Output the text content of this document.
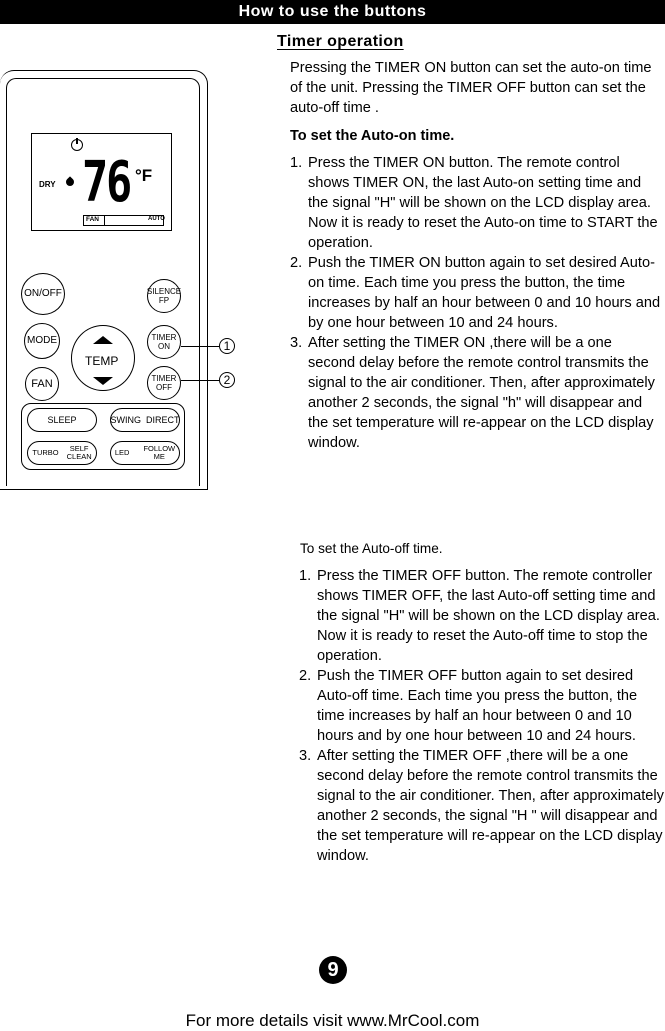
How to use the buttons
Timer operation
Pressing the TIMER ON button can set the auto-on time of the unit. Pressing the TIMER OFF button can set the auto-off time .
To set the Auto-on time.
1. Press the TIMER ON button. The remote control shows TIMER ON, the last Auto-on setting time and the signal "H" will be shown on the LCD display area. Now it is ready to reset the Auto-on time to START the operation.
2. Push the TIMER ON button again to set desired Auto-on time. Each time you press the button, the time increases by half an hour between 0 and 10 hours and by one hour between 10 and 24 hours.
3. After setting the TIMER ON ,there will be a one second delay before the remote control transmits the signal to the air conditioner. Then, after approximately another 2 seconds, the signal "h" will disappear and the set temperature will re-appear on the LCD display window.
To set the Auto-off time.
1. Press the TIMER OFF button. The remote controller shows TIMER OFF, the last Auto-off setting time and the signal "H" will be shown on the LCD display area. Now it is ready to reset the Auto-off time to stop the operation.
2. Push the TIMER OFF button again to set desired Auto-off time. Each time you press the button, the time increases by half an hour between 0 and 10 hours and by one hour between 10 and 24 hours.
3. After setting the TIMER OFF ,there will be a one second delay before the remote control transmits the signal to the air conditioner. Then, after approximately another 2 seconds, the signal "H " will disappear and the set temperature will re-appear on the LCD display window.
DRY 76 °F
FAN	AUTO
ON/OFF	SILENCE
FP
MODE	TIMER
ON
FAN	TIMER
OFF
TEMP
SLEEP	SWING DIRECT
TURBO	SELF
CLEAN	LED FOLLOW
ME
1
2
9
For more details visit www.MrCool.com
